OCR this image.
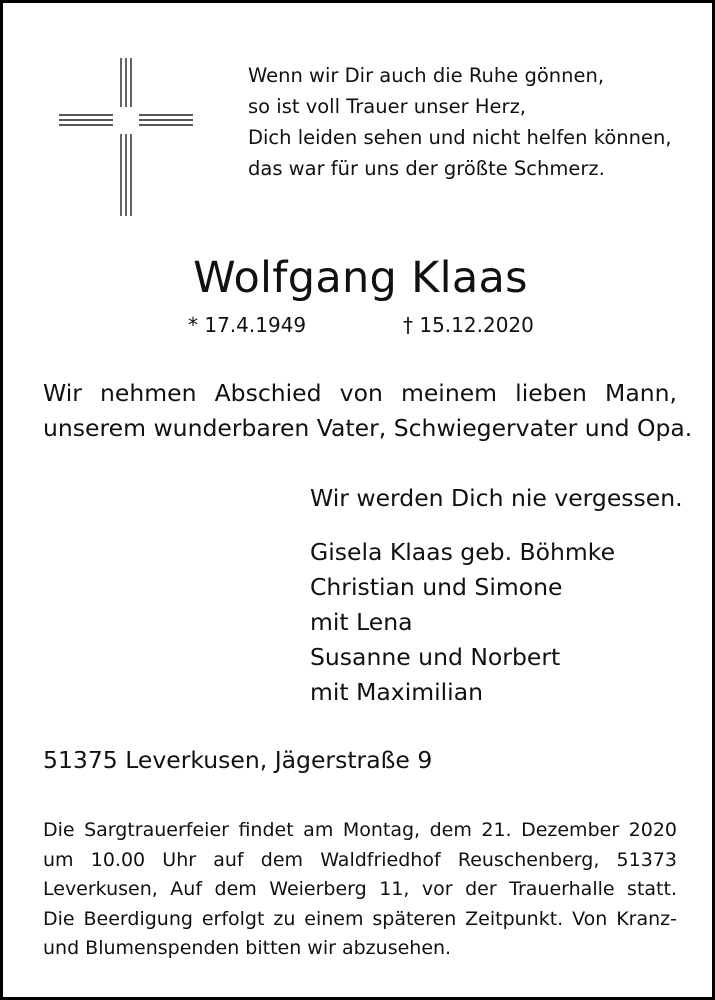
Wenn wir Dir auch die Ruhe gönnen,
so ist voll Trauer unser Herz,
Dich leiden sehen und nicht helfen können,
das war für uns der größte Schmerz.
Wolfgang Klaas
* 17.4.1949	† 15.12.2020
Wir nehmen Abschied von meinem lieben Mann,
unserem wunderbaren Vater, Schwiegervater und Opa.
Wir werden Dich nie vergessen.
Gisela Klaas geb. Böhmke
Christian und Simone
mit Lena
Susanne und Norbert
mit Maximilian
51375 Leverkusen, Jägerstraße 9
Die Sargtrauerfeier findet am Montag, dem 21. Dezember 2020
um 10.00 Uhr auf dem Waldfriedhof Reuschenberg, 51373
Leverkusen, Auf dem Weierberg 11, vor der Trauerhalle statt.
Die Beerdigung erfolgt zu einem späteren Zeitpunkt. Von Kranz-
und Blumenspenden bitten wir abzusehen.
